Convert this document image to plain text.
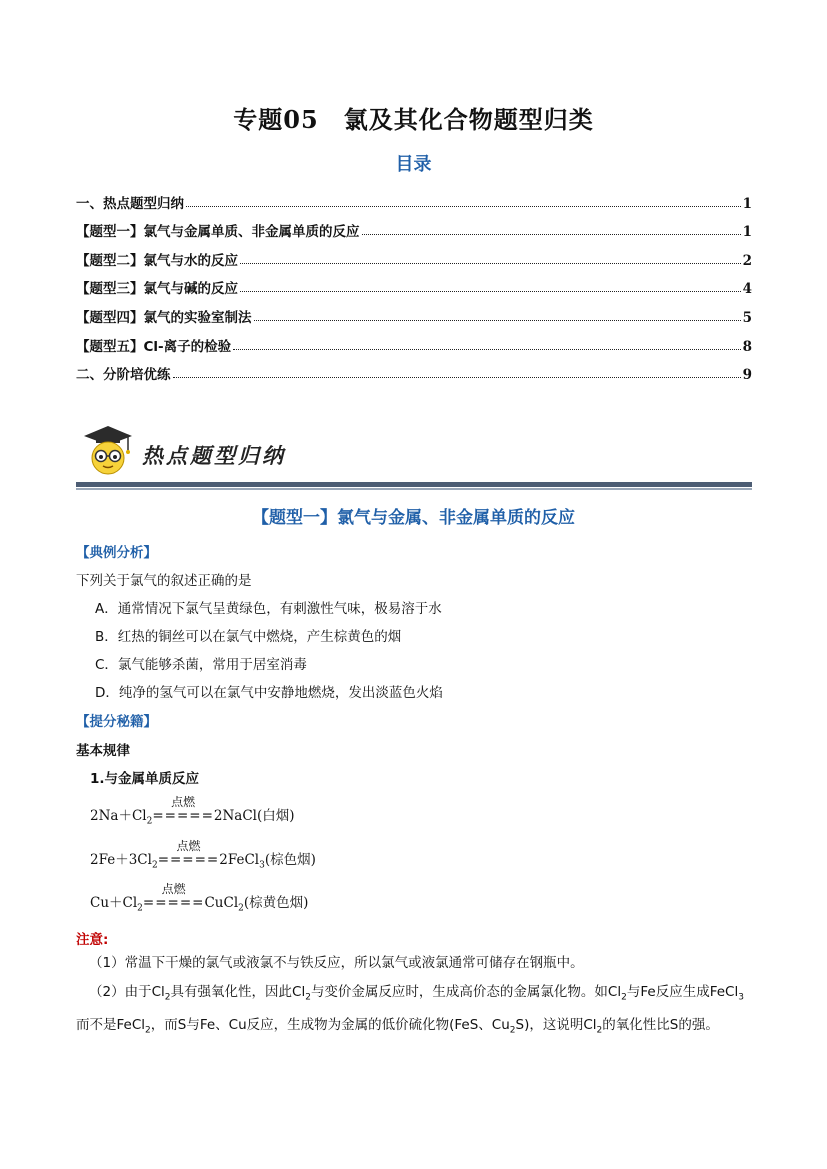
专题05　氯及其化合物题型归类
目录
一、热点题型归纳	1
【题型一】氯气与金属单质、非金属单质的反应	1
【题型二】氯气与水的反应	2
【题型三】氯气与碱的反应	4
【题型四】氯气的实验室制法	5
【题型五】Cl-离子的检验	8
二、分阶培优练	9
热点题型归纳
【题型一】氯气与金属、非金属单质的反应
【典例分析】
下列关于氯气的叙述正确的是
A．通常情况下氯气呈黄绿色，有刺激性气味，极易溶于水
B．红热的铜丝可以在氯气中燃烧，产生棕黄色的烟
C．氯气能够杀菌，常用于居室消毒
D．纯净的氢气可以在氯气中安静地燃烧，发出淡蓝色火焰
【提分秘籍】
基本规律
1.与金属单质反应
$2Na+Cl_2$
点燃
=====2NaCl(白烟)
$2Fe+3Cl_2$
点燃
=====2FeCl$_3$(棕色烟)
$Cu+Cl_2$
点燃
=====CuCl$_2$(棕黄色烟)
注意:
（1）常温下干燥的氯气或液氯不与铁反应，所以氯气或液氯通常可储存在钢瓶中。
（2）由于$Cl_2$具有强氧化性，因此$Cl_2$与变价金属反应时，生成高价态的金属氯化物。如$Cl_2$与Fe反应生成FeCl$_3$而不是FeCl$_2$，而S与Fe、Cu反应，生成物为金属的低价硫化物(FeS、$Cu_2S$)，这说明$Cl_2$的氧化性比S的强。
